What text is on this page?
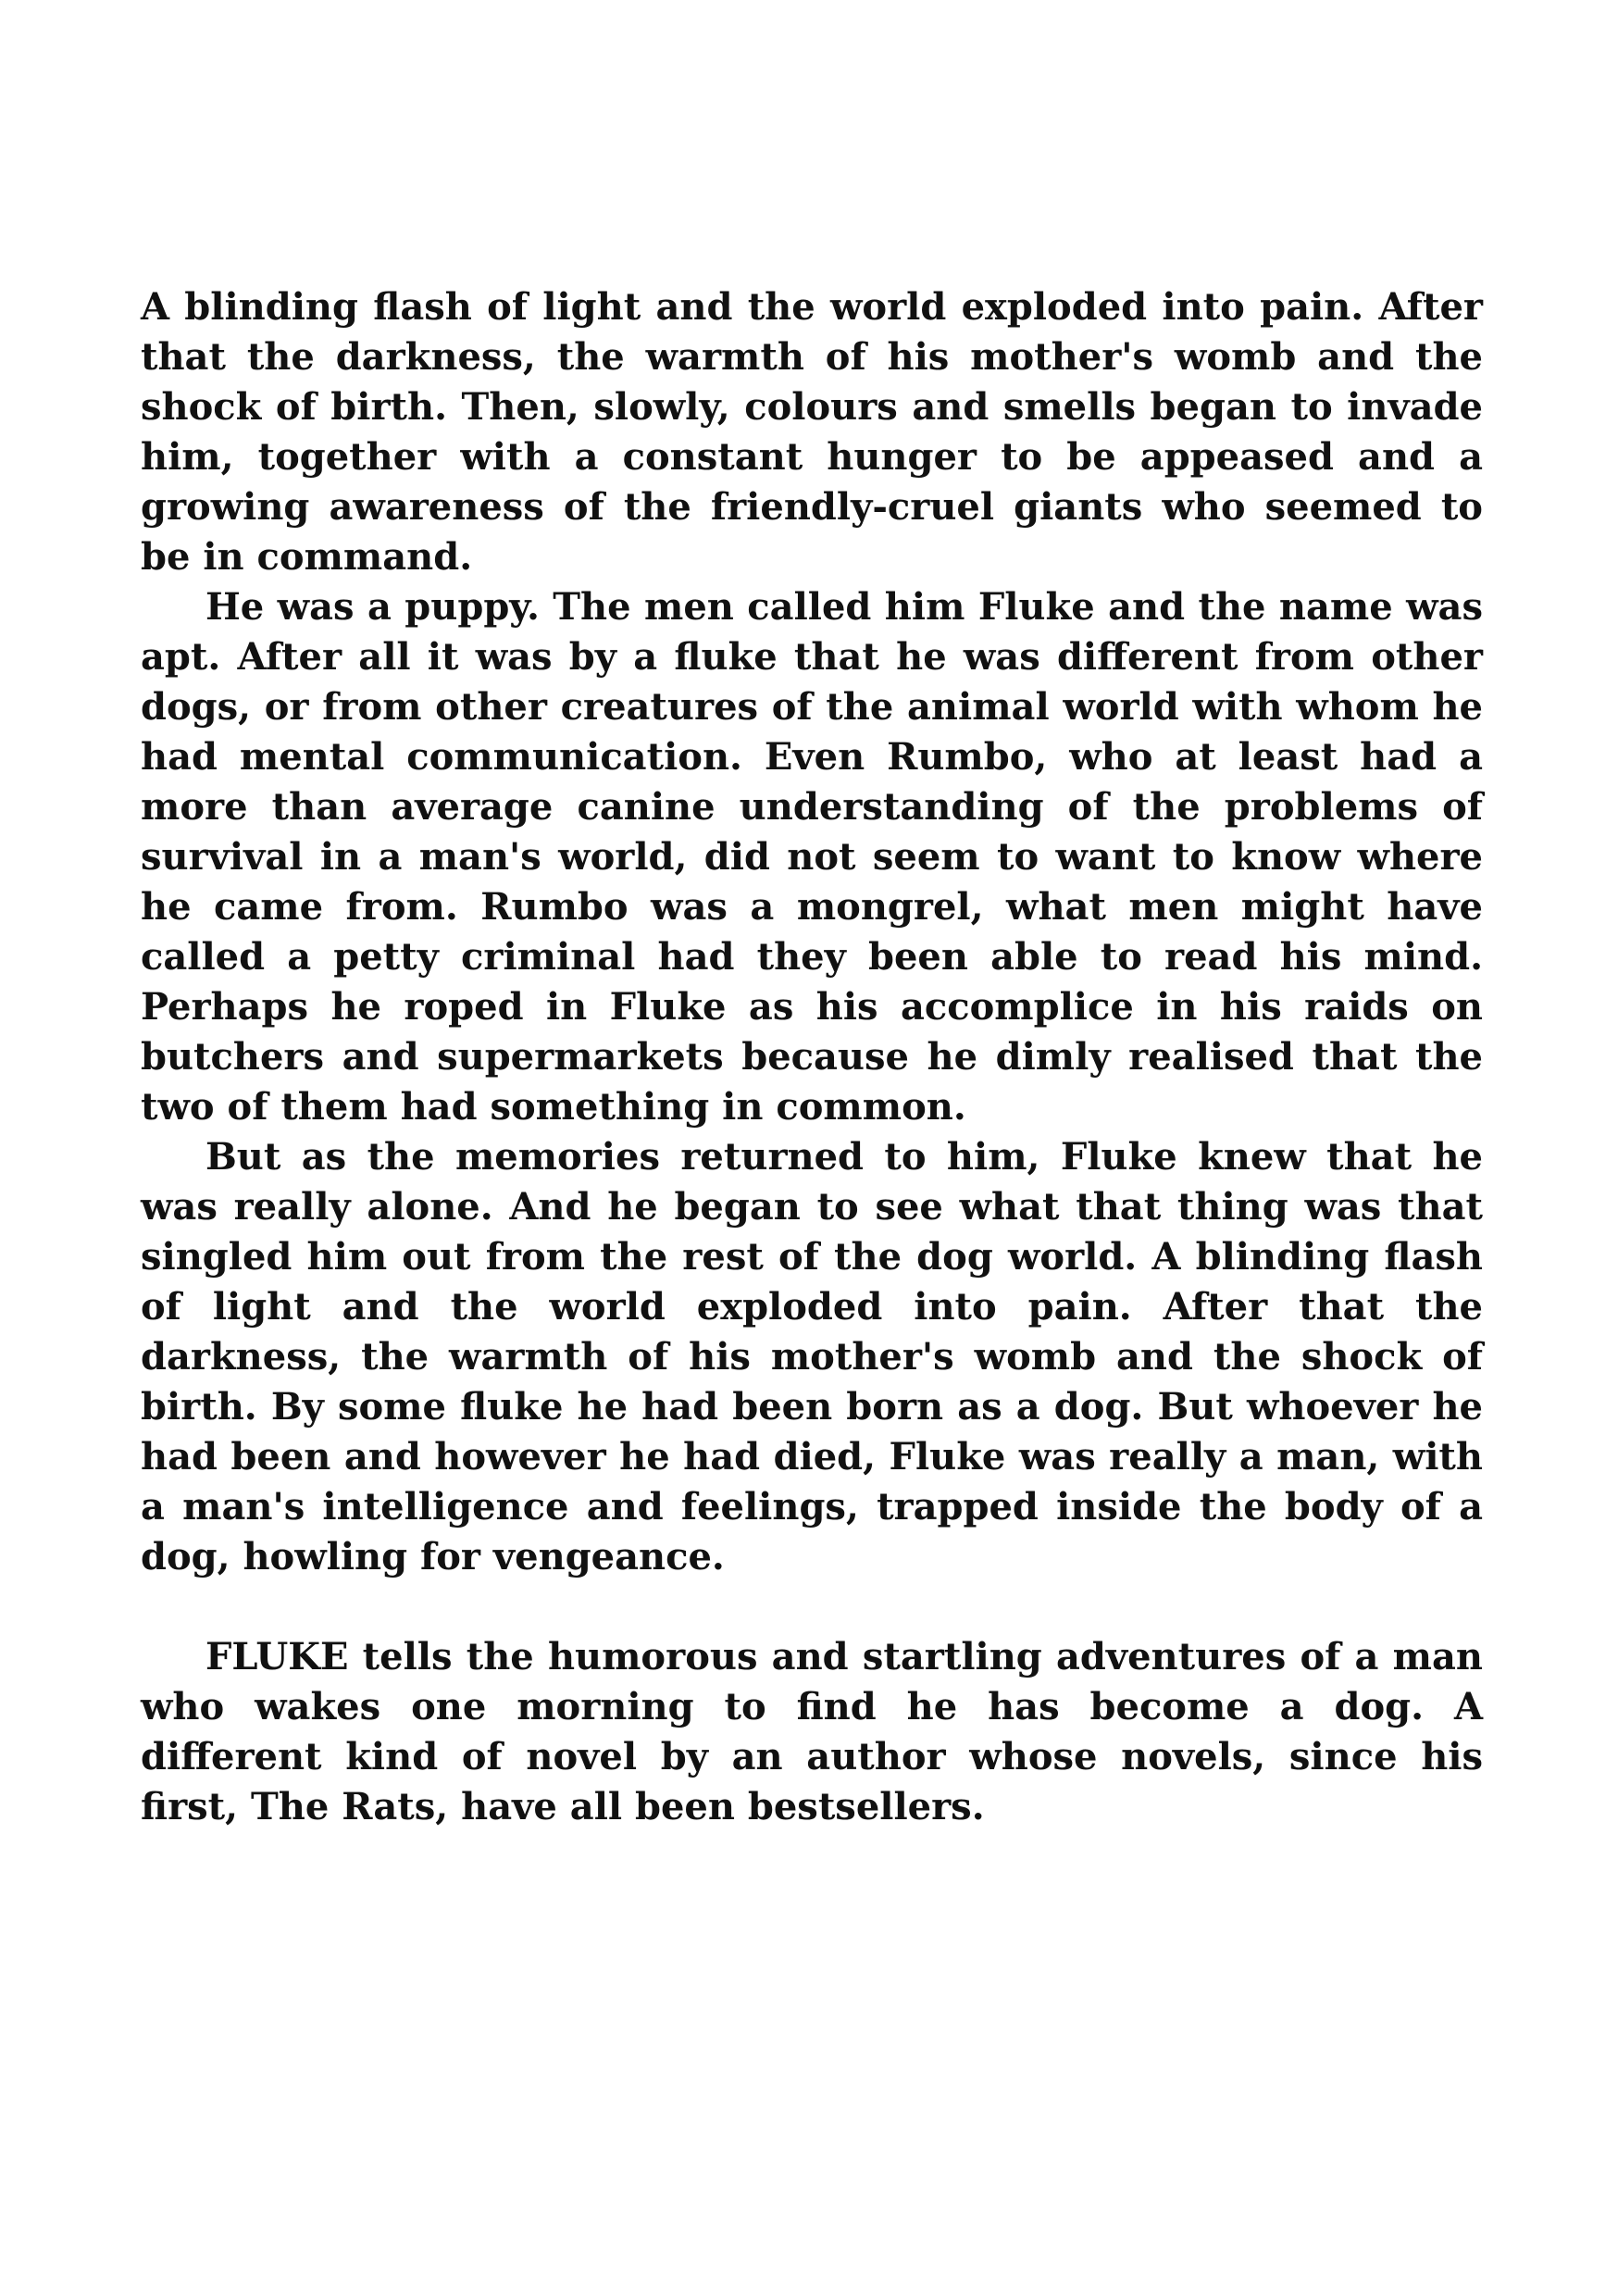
A blinding flash of light and the world exploded into pain. After that the darkness, the warmth of his mother's womb and the shock of birth. Then, slowly, colours and smells began to invade him, together with a constant hunger to be appeased and a growing awareness of the friendly-cruel giants who seemed to be in command.

He was a puppy. The men called him Fluke and the name was apt. After all it was by a fluke that he was different from other dogs, or from other creatures of the animal world with whom he had mental communication. Even Rumbo, who at least had a more than average canine understanding of the problems of survival in a man's world, did not seem to want to know where he came from. Rumbo was a mongrel, what men might have called a petty criminal had they been able to read his mind. Perhaps he roped in Fluke as his accomplice in his raids on butchers and supermarkets because he dimly realised that the two of them had something in common.

But as the memories returned to him, Fluke knew that he was really alone. And he began to see what that thing was that singled him out from the rest of the dog world. A blinding flash of light and the world exploded into pain. After that the darkness, the warmth of his mother's womb and the shock of birth. By some fluke he had been born as a dog. But whoever he had been and however he had died, Fluke was really a man, with a man's intelligence and feelings, trapped inside the body of a dog, howling for vengeance.

FLUKE tells the humorous and startling adventures of a man who wakes one morning to find he has become a dog. A different kind of novel by an author whose novels, since his first, The Rats, have all been bestsellers.
